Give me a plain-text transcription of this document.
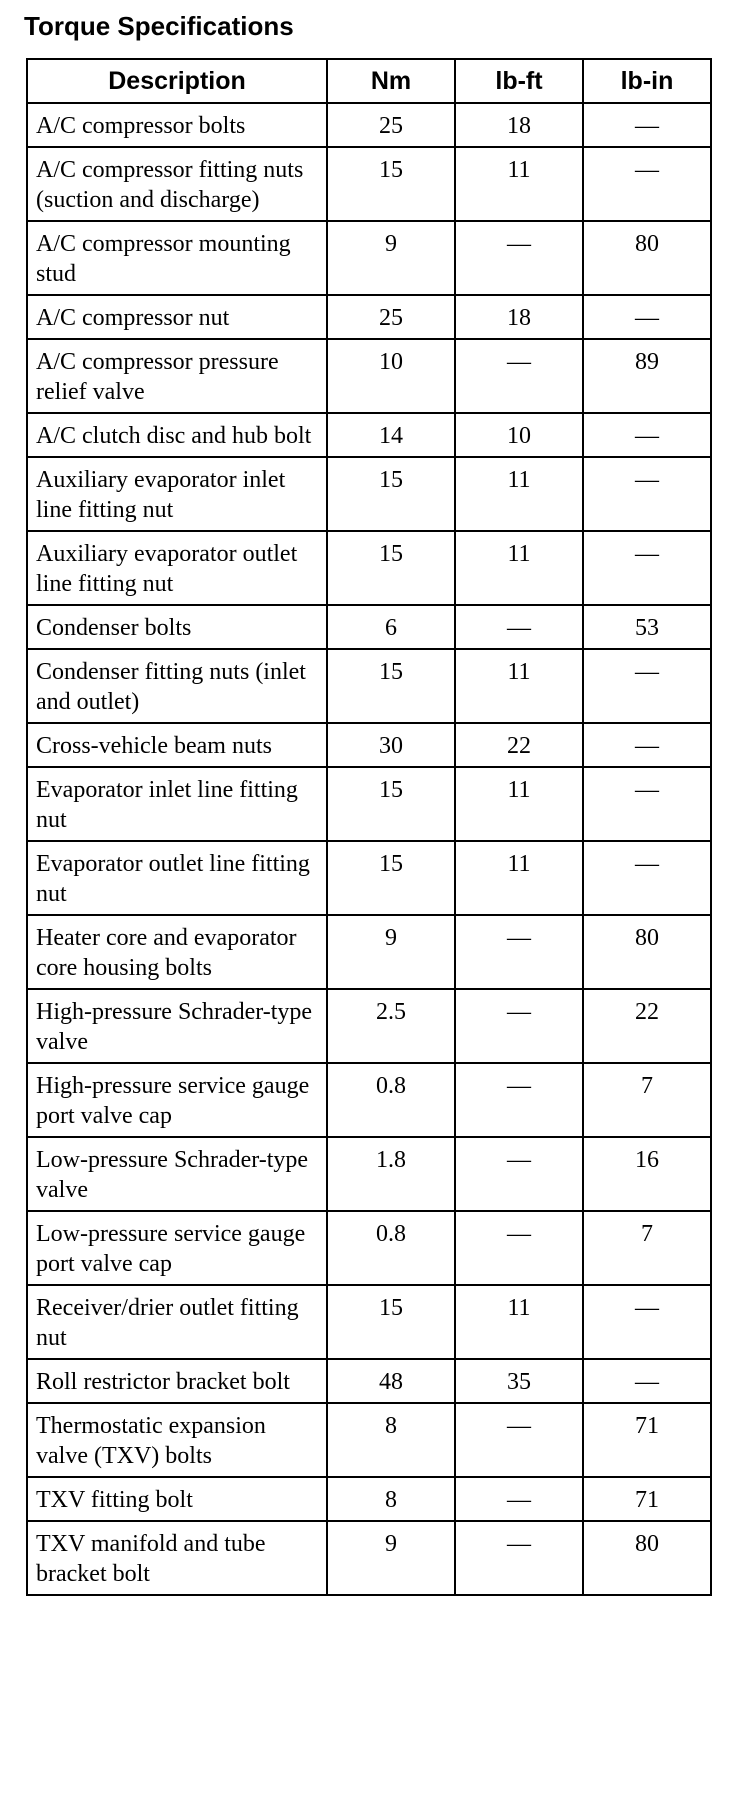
Torque Specifications
Description	Nm	lb-ft	lb-in
A/C compressor bolts	25	18	—
A/C compressor fitting nuts (suction and discharge)	15	11	—
A/C compressor mounting stud	9	—	80
A/C compressor nut	25	18	—
A/C compressor pressure relief valve	10	—	89
A/C clutch disc and hub bolt	14	10	—
Auxiliary evaporator inlet line fitting nut	15	11	—
Auxiliary evaporator outlet line fitting nut	15	11	—
Condenser bolts	6	—	53
Condenser fitting nuts (inlet and outlet)	15	11	—
Cross-vehicle beam nuts	30	22	—
Evaporator inlet line fitting nut	15	11	—
Evaporator outlet line fitting nut	15	11	—
Heater core and evaporator core housing bolts	9	—	80
High-pressure Schrader-type valve	2.5	—	22
High-pressure service gauge port valve cap	0.8	—	7
Low-pressure Schrader-type valve	1.8	—	16
Low-pressure service gauge port valve cap	0.8	—	7
Receiver/drier outlet fitting nut	15	11	—
Roll restrictor bracket bolt	48	35	—
Thermostatic expansion valve (TXV) bolts	8	—	71
TXV fitting bolt	8	—	71
TXV manifold and tube bracket bolt	9	—	80
